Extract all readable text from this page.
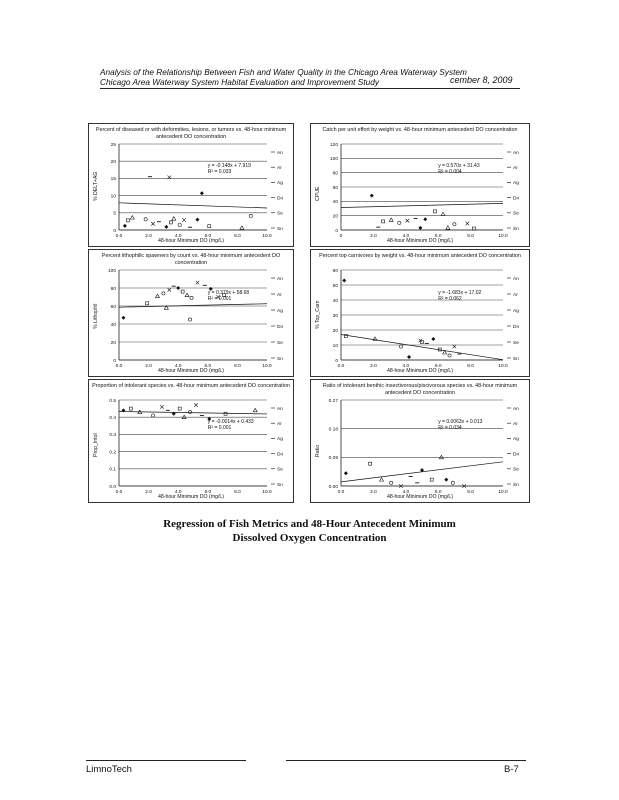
Analysis of the Relationship Between Fish and Water Quality in the Chicago Area Waterway System
Chicago Area Waterway System Habitat Evaluation and Improvement Study	cember 8, 2009
Percent of diseased or with deformities, lesions, or tumors vs. 48-hour minimum antecedent DO concentration
0
5
10
15
20
25
0.0	2.0	4.0	6.0	8.0	10.0
An
Ar
Ag
Dn
Se
Sn
y = -0.148x + 7.919
R² = 0.033
% DELT+AG
48-hour Minimum DO (mg/L)
Catch per unit effort by weight vs. 48-hour minimum antecedent DO concentration
0
20
40
60
80
100
120
0	2.0	4.0	6.0	8.0	10.0
An
Ar
Ag
Dn
Se
Sn
y = 0.570x + 31.43
R² = 0.004
CPUE
48-hour Minimum DO (mg/L)
Percent lithophilic spawners by count vs. 48-hour minimum antecedent DO concentration
0
20
40
60
80
100
0.0	2.0	4.0	6.0	8.0	10.0
An
Ar
Ag
Dn
Se
Sn
y = 0.379x + 58.68
R² = 0.001
% Lithophil
48-hour Minimum DO (mg/L)
Percent top carnivores by weight vs. 48-hour minimum antecedent DO concentration
0
10
20
30
40
50
60
0.0	2.0	4.0	6.0	8.0	10.0
An
Ar
Ag
Dn
Se
Sn
y = -1.683x + 17.02
R² = 0.062
% Top_Carn
48-hour Minimum DO (mg/L)
Proportion of intolerant species vs. 48-hour minimum antecedent DO concentration
0.0
0.1
0.2
0.3
0.4
0.5
0.0	2.0	4.0	6.0	8.0	10.0
An
Ar
Ag
Dn
Se
Sn
y = -0.0014x + 0.433
R² = 0.001
Prop_Intol
48-hour Minimum DO (mg/L)
Ratio of intolerant benthic insectivorous/piscivorous species vs. 48-hour minimum antecedent DO concentration
0.00
0.09
0.18
0.27
0.0	2.0	4.0	6.0	8.0	10.0
An
Ar
Ag
Dn
Se
Sn
y = 0.0063x + 0.013
R² = 0.034
Ratio
48-hour Minimum DO (mg/L)
Regression of Fish Metrics and 48-Hour Antecedent Minimum
Dissolved Oxygen Concentration
LimnoTech	B-7
